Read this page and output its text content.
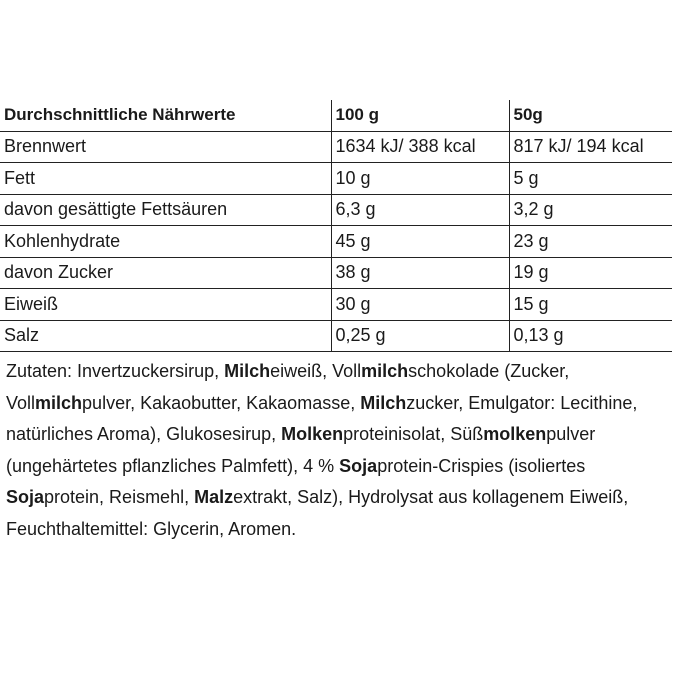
Durchschnittliche Nährwerte	100 g	50g
Brennwert	1634 kJ/ 388 kcal	817 kJ/ 194 kcal
Fett	10 g	5 g
davon gesättigte Fettsäuren	6,3 g	3,2 g
Kohlenhydrate	45 g	23 g
davon Zucker	38 g	19 g
Eiweiß	30 g	15 g
Salz	0,25 g	0,13 g

Zutaten: Invertzuckersirup, Milcheiweiß, Vollmilchschokolade (Zucker, Vollmilchpulver, Kakaobutter, Kakaomasse, Milchzucker, Emulgator: Lecithine, natürliches Aroma), Glukosesirup, Molkenproteinisolat, Süßmolkenpulver (ungehärtetes pflanzliches Palmfett), 4 % Sojaprotein-Crispies (isoliertes Sojaprotein, Reismehl, Malzextrakt, Salz), Hydrolysat aus kollagenem Eiweiß, Feuchthaltemittel: Glycerin, Aromen.
